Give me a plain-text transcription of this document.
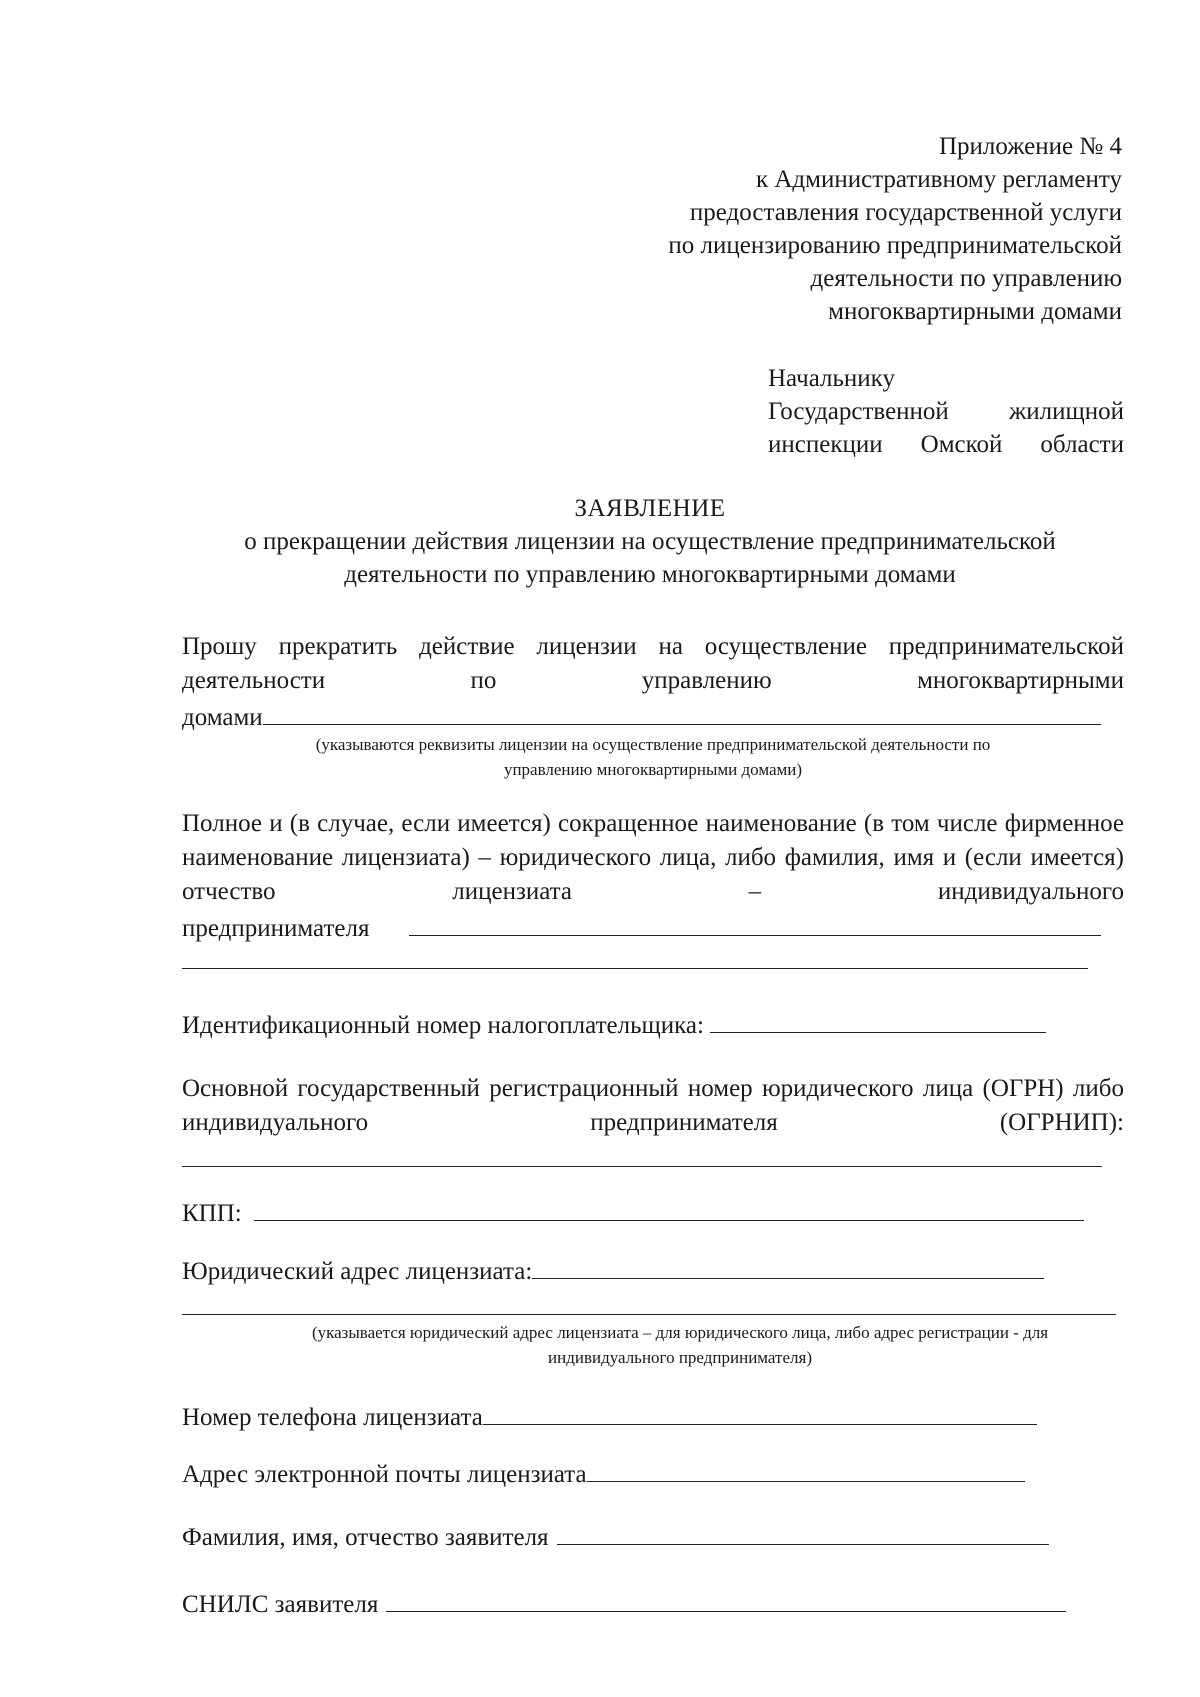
Приложение № 4
к Административному регламенту
предоставления государственной услуги
по лицензированию предпринимательской
деятельности по управлению
многоквартирными домами
Начальнику
Государственной жилищной
инспекции Омской области
ЗАЯВЛЕНИЕ
о прекращении действия лицензии на осуществление предпринимательской
деятельности по управлению многоквартирными домами
Прошу прекратить действие лицензии на осуществление предпринимательской деятельности по управлению многоквартирными
домами
(указываются реквизиты лицензии на осуществление предпринимательской деятельности по
управлению многоквартирными домами)
Полное и (в случае, если имеется) сокращенное наименование (в том числе фирменное наименование лицензиата) – юридического лица, либо фамилия, имя и (если имеется) отчество лицензиата – индивидуального
предпринимателя
Идентификационный номер налогоплательщика:
Основной государственный регистрационный номер юридического лица (ОГРН) либо индивидуального предпринимателя (ОГРНИП):
КПП:
Юридический адрес лицензиата:
(указывается юридический адрес лицензиата – для юридического лица, либо адрес регистрации - для
индивидуального предпринимателя)
Номер телефона лицензиата
Адрес электронной почты лицензиата
Фамилия, имя, отчество заявителя
СНИЛС заявителя
